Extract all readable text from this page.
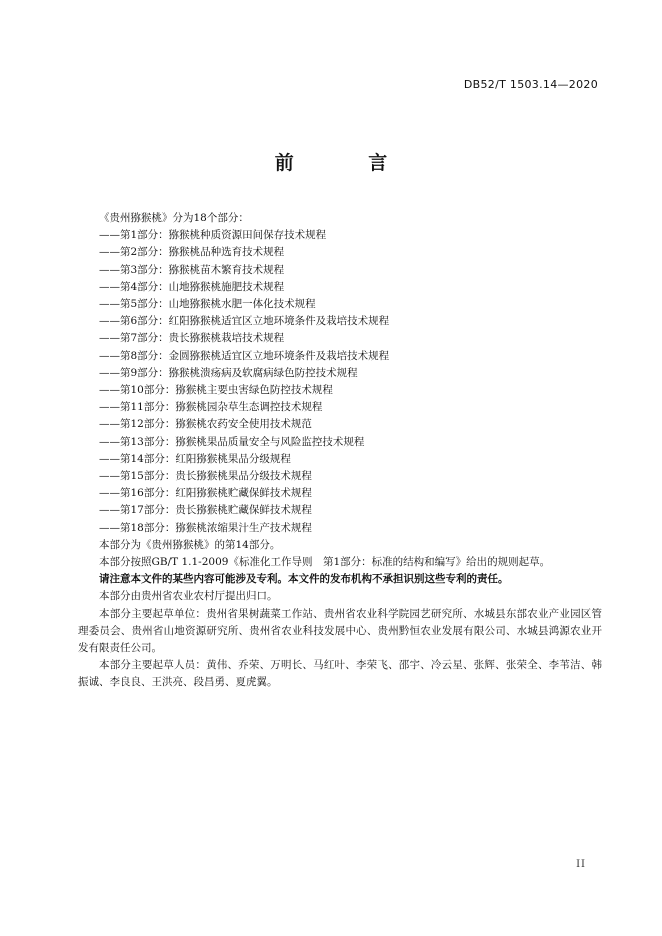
DB52/T 1503.14—2020
前 言
《贵州猕猴桃》分为18个部分：
——第1部分：猕猴桃种质资源田间保存技术规程
——第2部分：猕猴桃品种选育技术规程
——第3部分：猕猴桃苗木繁育技术规程
——第4部分：山地猕猴桃施肥技术规程
——第5部分：山地猕猴桃水肥一体化技术规程
——第6部分：红阳猕猴桃适宜区立地环境条件及栽培技术规程
——第7部分：贵长猕猴桃栽培技术规程
——第8部分：金圆猕猴桃适宜区立地环境条件及栽培技术规程
——第9部分：猕猴桃溃疡病及软腐病绿色防控技术规程
——第10部分：猕猴桃主要虫害绿色防控技术规程
——第11部分：猕猴桃园杂草生态调控技术规程
——第12部分：猕猴桃农药安全使用技术规范
——第13部分：猕猴桃果品质量安全与风险监控技术规程
——第14部分：红阳猕猴桃果品分级规程
——第15部分：贵长猕猴桃果品分级技术规程
——第16部分：红阳猕猴桃贮藏保鲜技术规程
——第17部分：贵长猕猴桃贮藏保鲜技术规程
——第18部分：猕猴桃浓缩果汁生产技术规程
本部分为《贵州猕猴桃》的第14部分。
本部分按照GB/T 1.1-2009《标准化工作导则　第1部分：标准的结构和编写》给出的规则起草。
请注意本文件的某些内容可能涉及专利。本文件的发布机构不承担识别这些专利的责任。
本部分由贵州省农业农村厅提出归口。
本部分主要起草单位：贵州省果树蔬菜工作站、贵州省农业科学院园艺研究所、水城县东部农业产业园区管理委员会、贵州省山地资源研究所、贵州省农业科技发展中心、贵州黔恒农业发展有限公司、水城县鸿源农业开发有限责任公司。
本部分主要起草人员：黄伟、乔荣、万明长、马红叶、李荣飞、邵宇、冷云星、张辉、张荣全、李苇洁、韩振诚、李良良、王洪亮、段昌勇、夏虎翼。
II
